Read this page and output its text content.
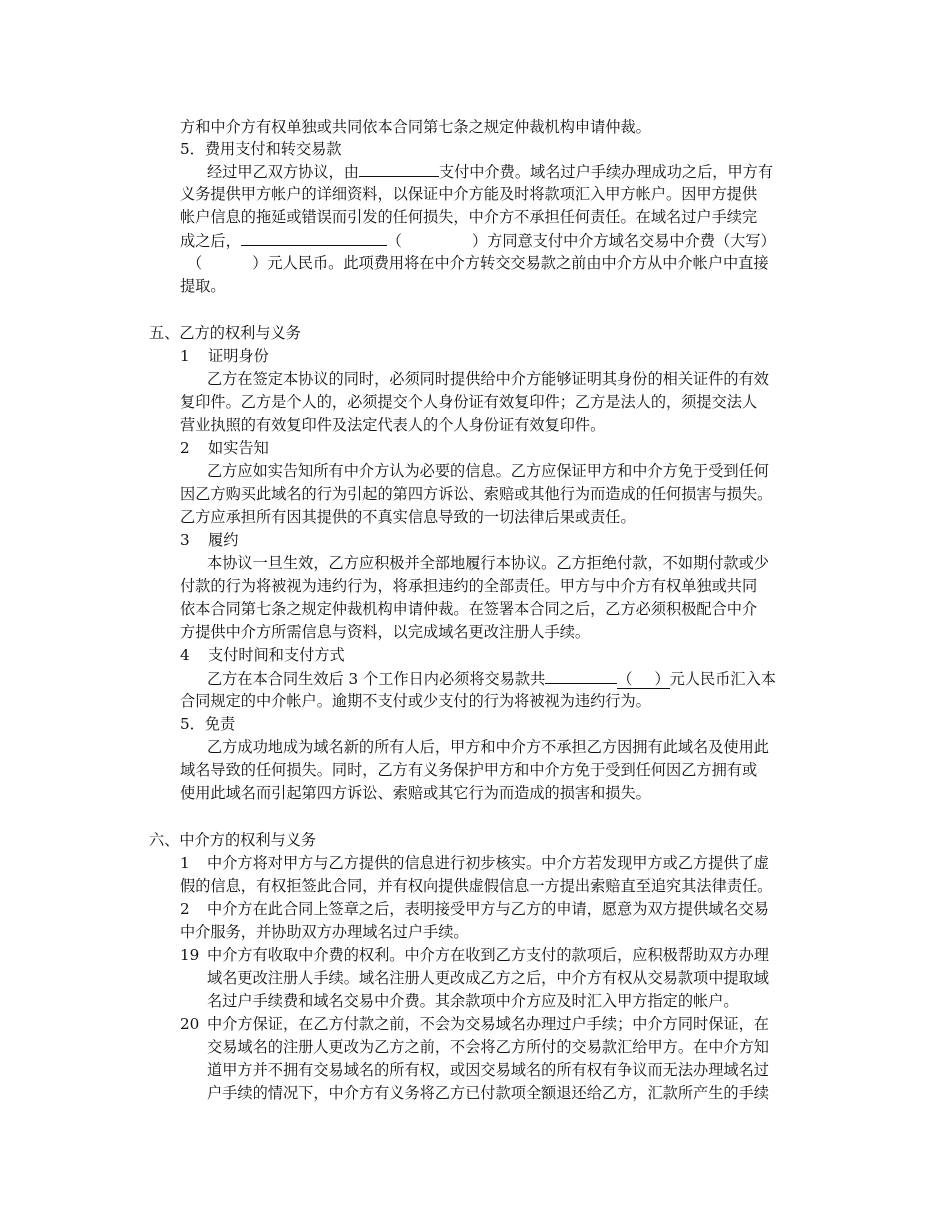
方和中介方有权单独或共同依本合同第七条之规定仲裁机构申请仲裁。
5．费用支付和转交易款
经过甲乙双方协议，由	支付中介费。域名过户手续办理成功之后，甲方有
义务提供甲方帐户的详细资料，以保证中介方能及时将款项汇入甲方帐户。因甲方提供
帐户信息的拖延或错误而引发的任何损失，中介方不承担任何责任。在域名过户手续完
成之后，	（	）方同意支付中介方域名交易中介费（大写）
（	）元人民币。此项费用将在中介方转交交易款之前由中介方从中介帐户中直接
提取。
五、乙方的权利与义务
1 证明身份
乙方在签定本协议的同时，必须同时提供给中介方能够证明其身份的相关证件的有效
复印件。乙方是个人的，必须提交个人身份证有效复印件；乙方是法人的，须提交法人
营业执照的有效复印件及法定代表人的个人身份证有效复印件。
2 如实告知
乙方应如实告知所有中介方认为必要的信息。乙方应保证甲方和中介方免于受到任何
因乙方购买此域名的行为引起的第四方诉讼、索赔或其他行为而造成的任何损害与损失。
乙方应承担所有因其提供的不真实信息导致的一切法律后果或责任。
3 履约
本协议一旦生效，乙方应积极并全部地履行本协议。乙方拒绝付款，不如期付款或少
付款的行为将被视为违约行为，将承担违约的全部责任。甲方与中介方有权单独或共同
依本合同第七条之规定仲裁机构申请仲裁。在签署本合同之后，乙方必须积极配合中介
方提供中介方所需信息与资料，以完成域名更改注册人手续。
4 支付时间和支付方式
乙方在本合同生效后 3 个工作日内必须将交易款共	（ ）元人民币汇入本
合同规定的中介帐户。逾期不支付或少支付的行为将被视为违约行为。
5．免责
乙方成功地成为域名新的所有人后，甲方和中介方不承担乙方因拥有此域名及使用此
域名导致的任何损失。同时，乙方有义务保护甲方和中介方免于受到任何因乙方拥有或
使用此域名而引起第四方诉讼、索赔或其它行为而造成的损害和损失。
六、中介方的权利与义务
1 中介方将对甲方与乙方提供的信息进行初步核实。中介方若发现甲方或乙方提供了虚
假的信息，有权拒签此合同，并有权向提供虚假信息一方提出索赔直至追究其法律责任。
2 中介方在此合同上签章之后，表明接受甲方与乙方的申请，愿意为双方提供域名交易
中介服务，并协助双方办理域名过户手续。
19 中介方有收取中介费的权利。中介方在收到乙方支付的款项后，应积极帮助双方办理
域名更改注册人手续。域名注册人更改成乙方之后，中介方有权从交易款项中提取域
名过户手续费和域名交易中介费。其余款项中介方应及时汇入甲方指定的帐户。
20 中介方保证，在乙方付款之前，不会为交易域名办理过户手续；中介方同时保证，在
交易域名的注册人更改为乙方之前，不会将乙方所付的交易款汇给甲方。在中介方知
道甲方并不拥有交易域名的所有权，或因交易域名的所有权有争议而无法办理域名过
户手续的情况下，中介方有义务将乙方已付款项全额退还给乙方，汇款所产生的手续
